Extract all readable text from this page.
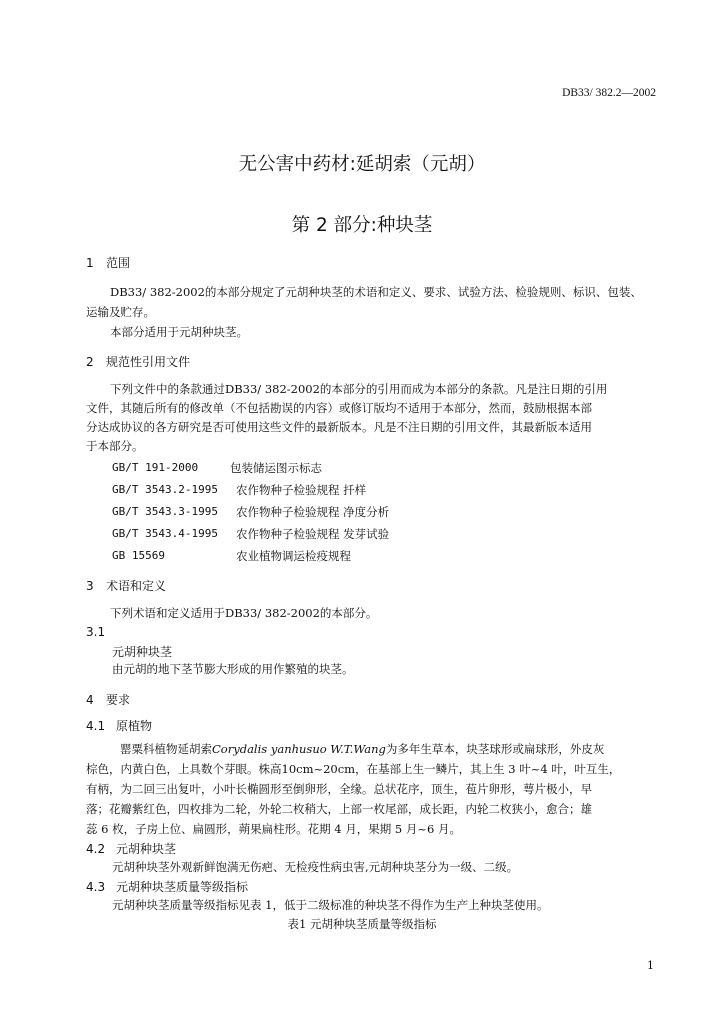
DB33/ 382.2—2002
无公害中药材:延胡索（元胡）
第 2 部分:种块茎
1 范围
DB33/ 382-2002的本部分规定了元胡种块茎的术语和定义、要求、试验方法、检验规则、标识、包装、
运输及贮存。
本部分适用于元胡种块茎。
2 规范性引用文件
下列文件中的条款通过DB33/ 382-2002的本部分的引用而成为本部分的条款。凡是注日期的引用
文件，其随后所有的修改单（不包括勘误的内容）或修订版均不适用于本部分，然而，鼓励根据本部
分达成协议的各方研究是否可使用这些文件的最新版本。凡是不注日期的引用文件，其最新版本适用
于本部分。
GB/T 191-2000	包装储运图示标志
GB/T 3543.2-1995 农作物种子检验规程 扦样
GB/T 3543.3-1995 农作物种子检验规程 净度分析
GB/T 3543.4-1995 农作物种子检验规程 发芽试验
GB 15569	农业植物调运检疫规程
3 术语和定义
下列术语和定义适用于DB33/ 382-2002的本部分。
3.1
元胡种块茎
由元胡的地下茎节膨大形成的用作繁殖的块茎。
4 要求
4.1 原植物
罂粟科植物延胡索Corydalis yanhusuo W.T.Wang为多年生草本，块茎球形或扁球形，外皮灰
棕色，内黄白色，上具数个芽眼。株高10cm~20cm，在基部上生一鳞片，其上生 3 叶~4 叶，叶互生，
有柄，为二回三出复叶，小叶长椭圆形至倒卵形，全缘。总状花序，顶生，苞片卵形，萼片极小，早
落；花瓣紫红色，四枚排为二轮，外轮二枚稍大，上部一枚尾部，成长距，内轮二枚狭小，愈合；雄
蕊 6 枚，子房上位、扁圆形，蒴果扁柱形。花期 4 月，果期 5 月~6 月。
4.2 元胡种块茎
元胡种块茎外观新鲜饱满无伤疤、无检疫性病虫害,元胡种块茎分为一级、二级。
4.3 元胡种块茎质量等级指标
元胡种块茎质量等级指标见表 1，低于二级标准的种块茎不得作为生产上种块茎使用。
表1 元胡种块茎质量等级指标
1
